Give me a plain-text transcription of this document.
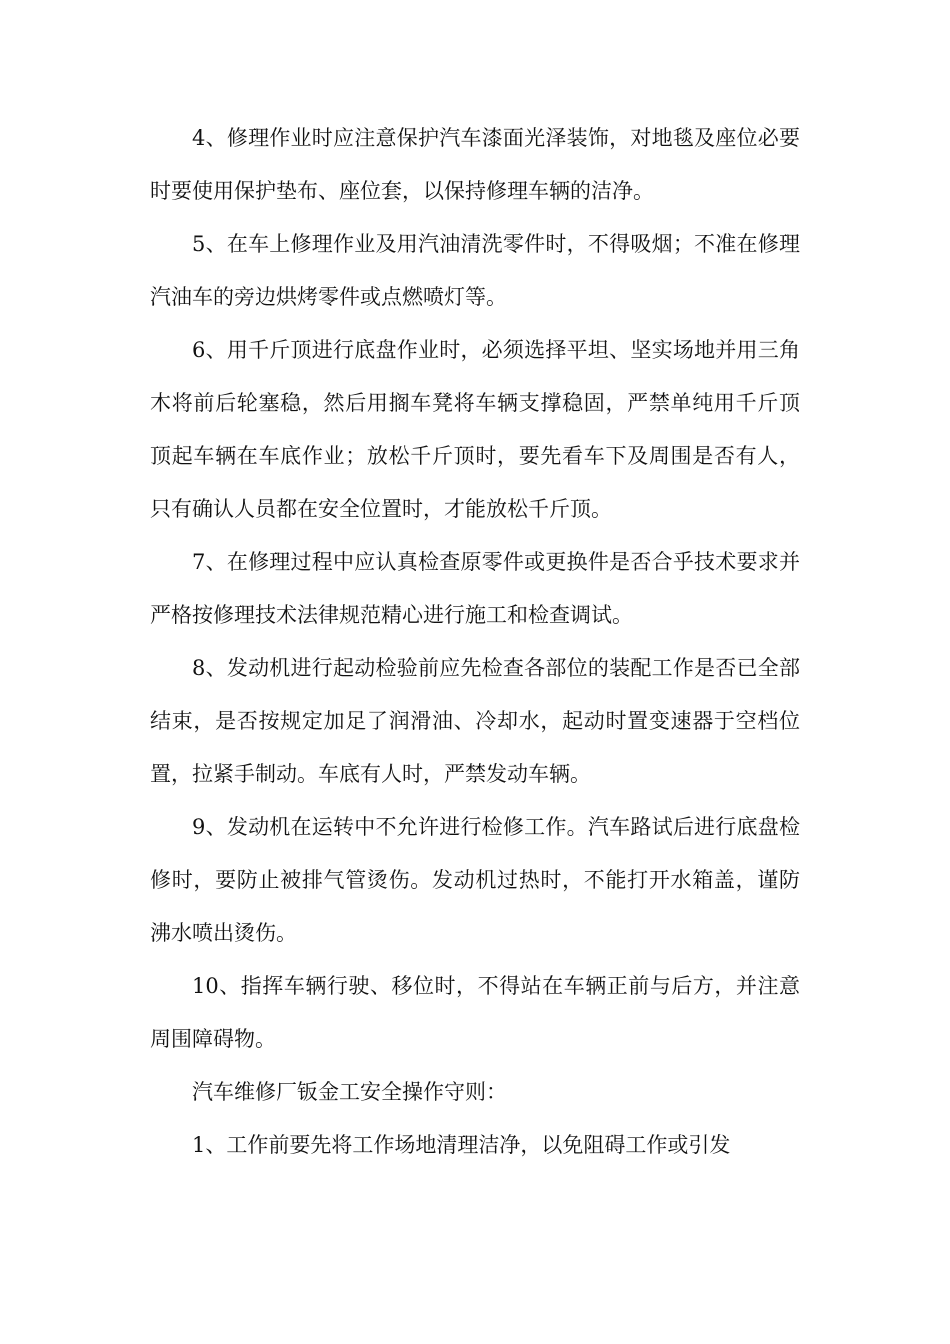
4、修理作业时应注意保护汽车漆面光泽装饰，对地毯及座位必要时要使用保护垫布、座位套，以保持修理车辆的洁净。

5、在车上修理作业及用汽油清洗零件时，不得吸烟；不准在修理汽油车的旁边烘烤零件或点燃喷灯等。

6、用千斤顶进行底盘作业时，必须选择平坦、坚实场地并用三角木将前后轮塞稳，然后用搁车凳将车辆支撑稳固，严禁单纯用千斤顶顶起车辆在车底作业；放松千斤顶时，要先看车下及周围是否有人，只有确认人员都在安全位置时，才能放松千斤顶。

7、在修理过程中应认真检查原零件或更换件是否合乎技术要求并严格按修理技术法律规范精心进行施工和检查调试。

8、发动机进行起动检验前应先检查各部位的装配工作是否已全部结束，是否按规定加足了润滑油、冷却水，起动时置变速器于空档位置，拉紧手制动。车底有人时，严禁发动车辆。

9、发动机在运转中不允许进行检修工作。汽车路试后进行底盘检修时，要防止被排气管烫伤。发动机过热时，不能打开水箱盖，谨防沸水喷出烫伤。

10、指挥车辆行驶、移位时，不得站在车辆正前与后方，并注意周围障碍物。

汽车维修厂钣金工安全操作守则：

1、工作前要先将工作场地清理洁净，以免阻碍工作或引发
